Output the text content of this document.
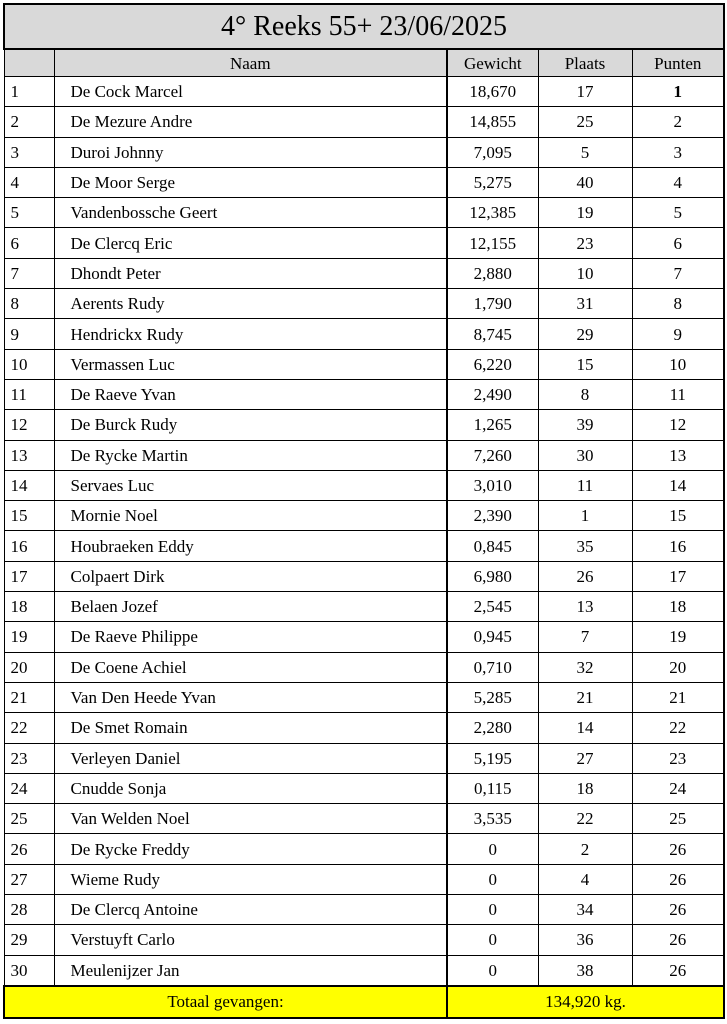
4° Reeks 55+ 23/06/2025				
	Naam	Gewicht	Plaats	Punten
1	De Cock Marcel	18,670	17	1
2	De Mezure Andre	14,855	25	2
3	Duroi Johnny	7,095	5	3
4	De Moor Serge	5,275	40	4
5	Vandenbossche Geert	12,385	19	5
6	De Clercq Eric	12,155	23	6
7	Dhondt Peter	2,880	10	7
8	Aerents Rudy	1,790	31	8
9	Hendrickx Rudy	8,745	29	9
10	Vermassen Luc	6,220	15	10
11	De Raeve Yvan	2,490	8	11
12	De Burck Rudy	1,265	39	12
13	De Rycke Martin	7,260	30	13
14	Servaes Luc	3,010	11	14
15	Mornie Noel	2,390	1	15
16	Houbraeken Eddy	0,845	35	16
17	Colpaert Dirk	6,980	26	17
18	Belaen Jozef	2,545	13	18
19	De Raeve Philippe	0,945	7	19
20	De Coene Achiel	0,710	32	20
21	Van Den Heede Yvan	5,285	21	21
22	De Smet Romain	2,280	14	22
23	Verleyen Daniel	5,195	27	23
24	Cnudde Sonja	0,115	18	24
25	Van Welden Noel	3,535	22	25
26	De Rycke Freddy	0	2	26
27	Wieme Rudy	0	4	26
28	De Clercq Antoine	0	34	26
29	Verstuyft Carlo	0	36	26
30	Meulenijzer Jan	0	38	26
Totaal gevangen:		134,920 kg.		
